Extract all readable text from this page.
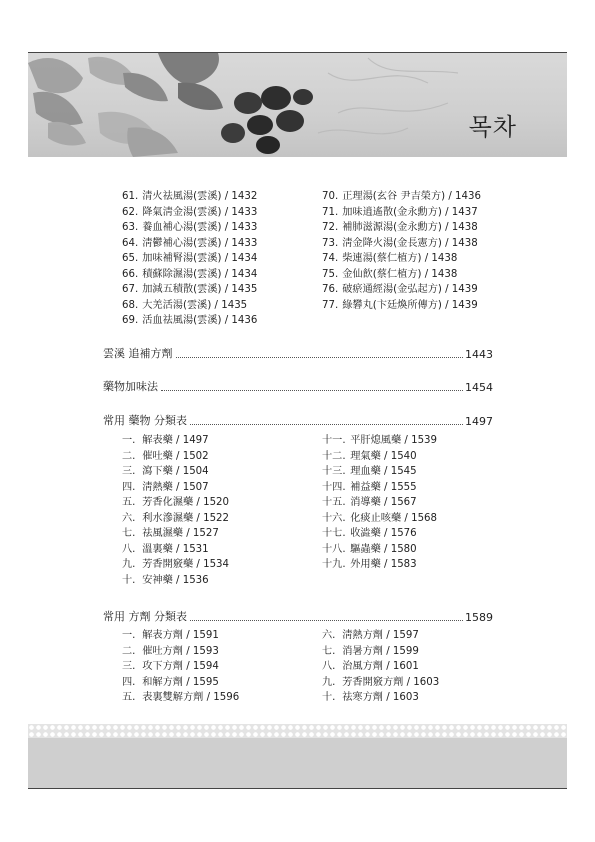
목차
61. 清火祛風湯(雲溪) / 1432
62. 降氣淸金湯(雲溪) / 1433
63. 養血補心湯(雲溪) / 1433
64. 淸鬱補心湯(雲溪) / 1433
65. 加味補腎湯(雲溪) / 1434
66. 積蘇除濕湯(雲溪) / 1434
67. 加減五積散(雲溪) / 1435
68. 大羌活湯(雲溪) / 1435
69. 活血祛風湯(雲溪) / 1436
70. 正理湯(玄谷 尹吉榮方) / 1436
71. 加味逍遙散(金永勳方) / 1437
72. 補肺滋源湯(金永勳方) / 1438
73. 淸金降火湯(金長憲方) / 1438
74. 柴連湯(蔡仁植方) / 1438
75. 金仙飮(蔡仁植方) / 1438
76. 破瘀通經湯(金弘起方) / 1439
77. 綠礬丸(卞廷煥所傳方) / 1439
雲溪 追補方劑	1443
藥物加味法	1454
常用 藥物 分類表	1497
一. 解表藥 / 1497
二. 催吐藥 / 1502
三. 瀉下藥 / 1504
四. 淸熱藥 / 1507
五. 芳香化濕藥 / 1520
六. 利水滲濕藥 / 1522
七. 祛風濕藥 / 1527
八. 溫裏藥 / 1531
九. 芳香開竅藥 / 1534
十. 安神藥 / 1536
十一. 平肝熄風藥 / 1539
十二. 理氣藥 / 1540
十三. 理血藥 / 1545
十四. 補益藥 / 1555
十五. 消導藥 / 1567
十六. 化痰止咳藥 / 1568
十七. 收澁藥 / 1576
十八. 驅蟲藥 / 1580
十九. 外用藥 / 1583
常用 方劑 分類表	1589
一. 解表方劑 / 1591
二. 催吐方劑 / 1593
三. 攻下方劑 / 1594
四. 和解方劑 / 1595
五. 表裏雙解方劑 / 1596
六. 淸熱方劑 / 1597
七. 消暑方劑 / 1599
八. 治風方劑 / 1601
九. 芳香開竅方劑 / 1603
十. 祛寒方劑 / 1603
